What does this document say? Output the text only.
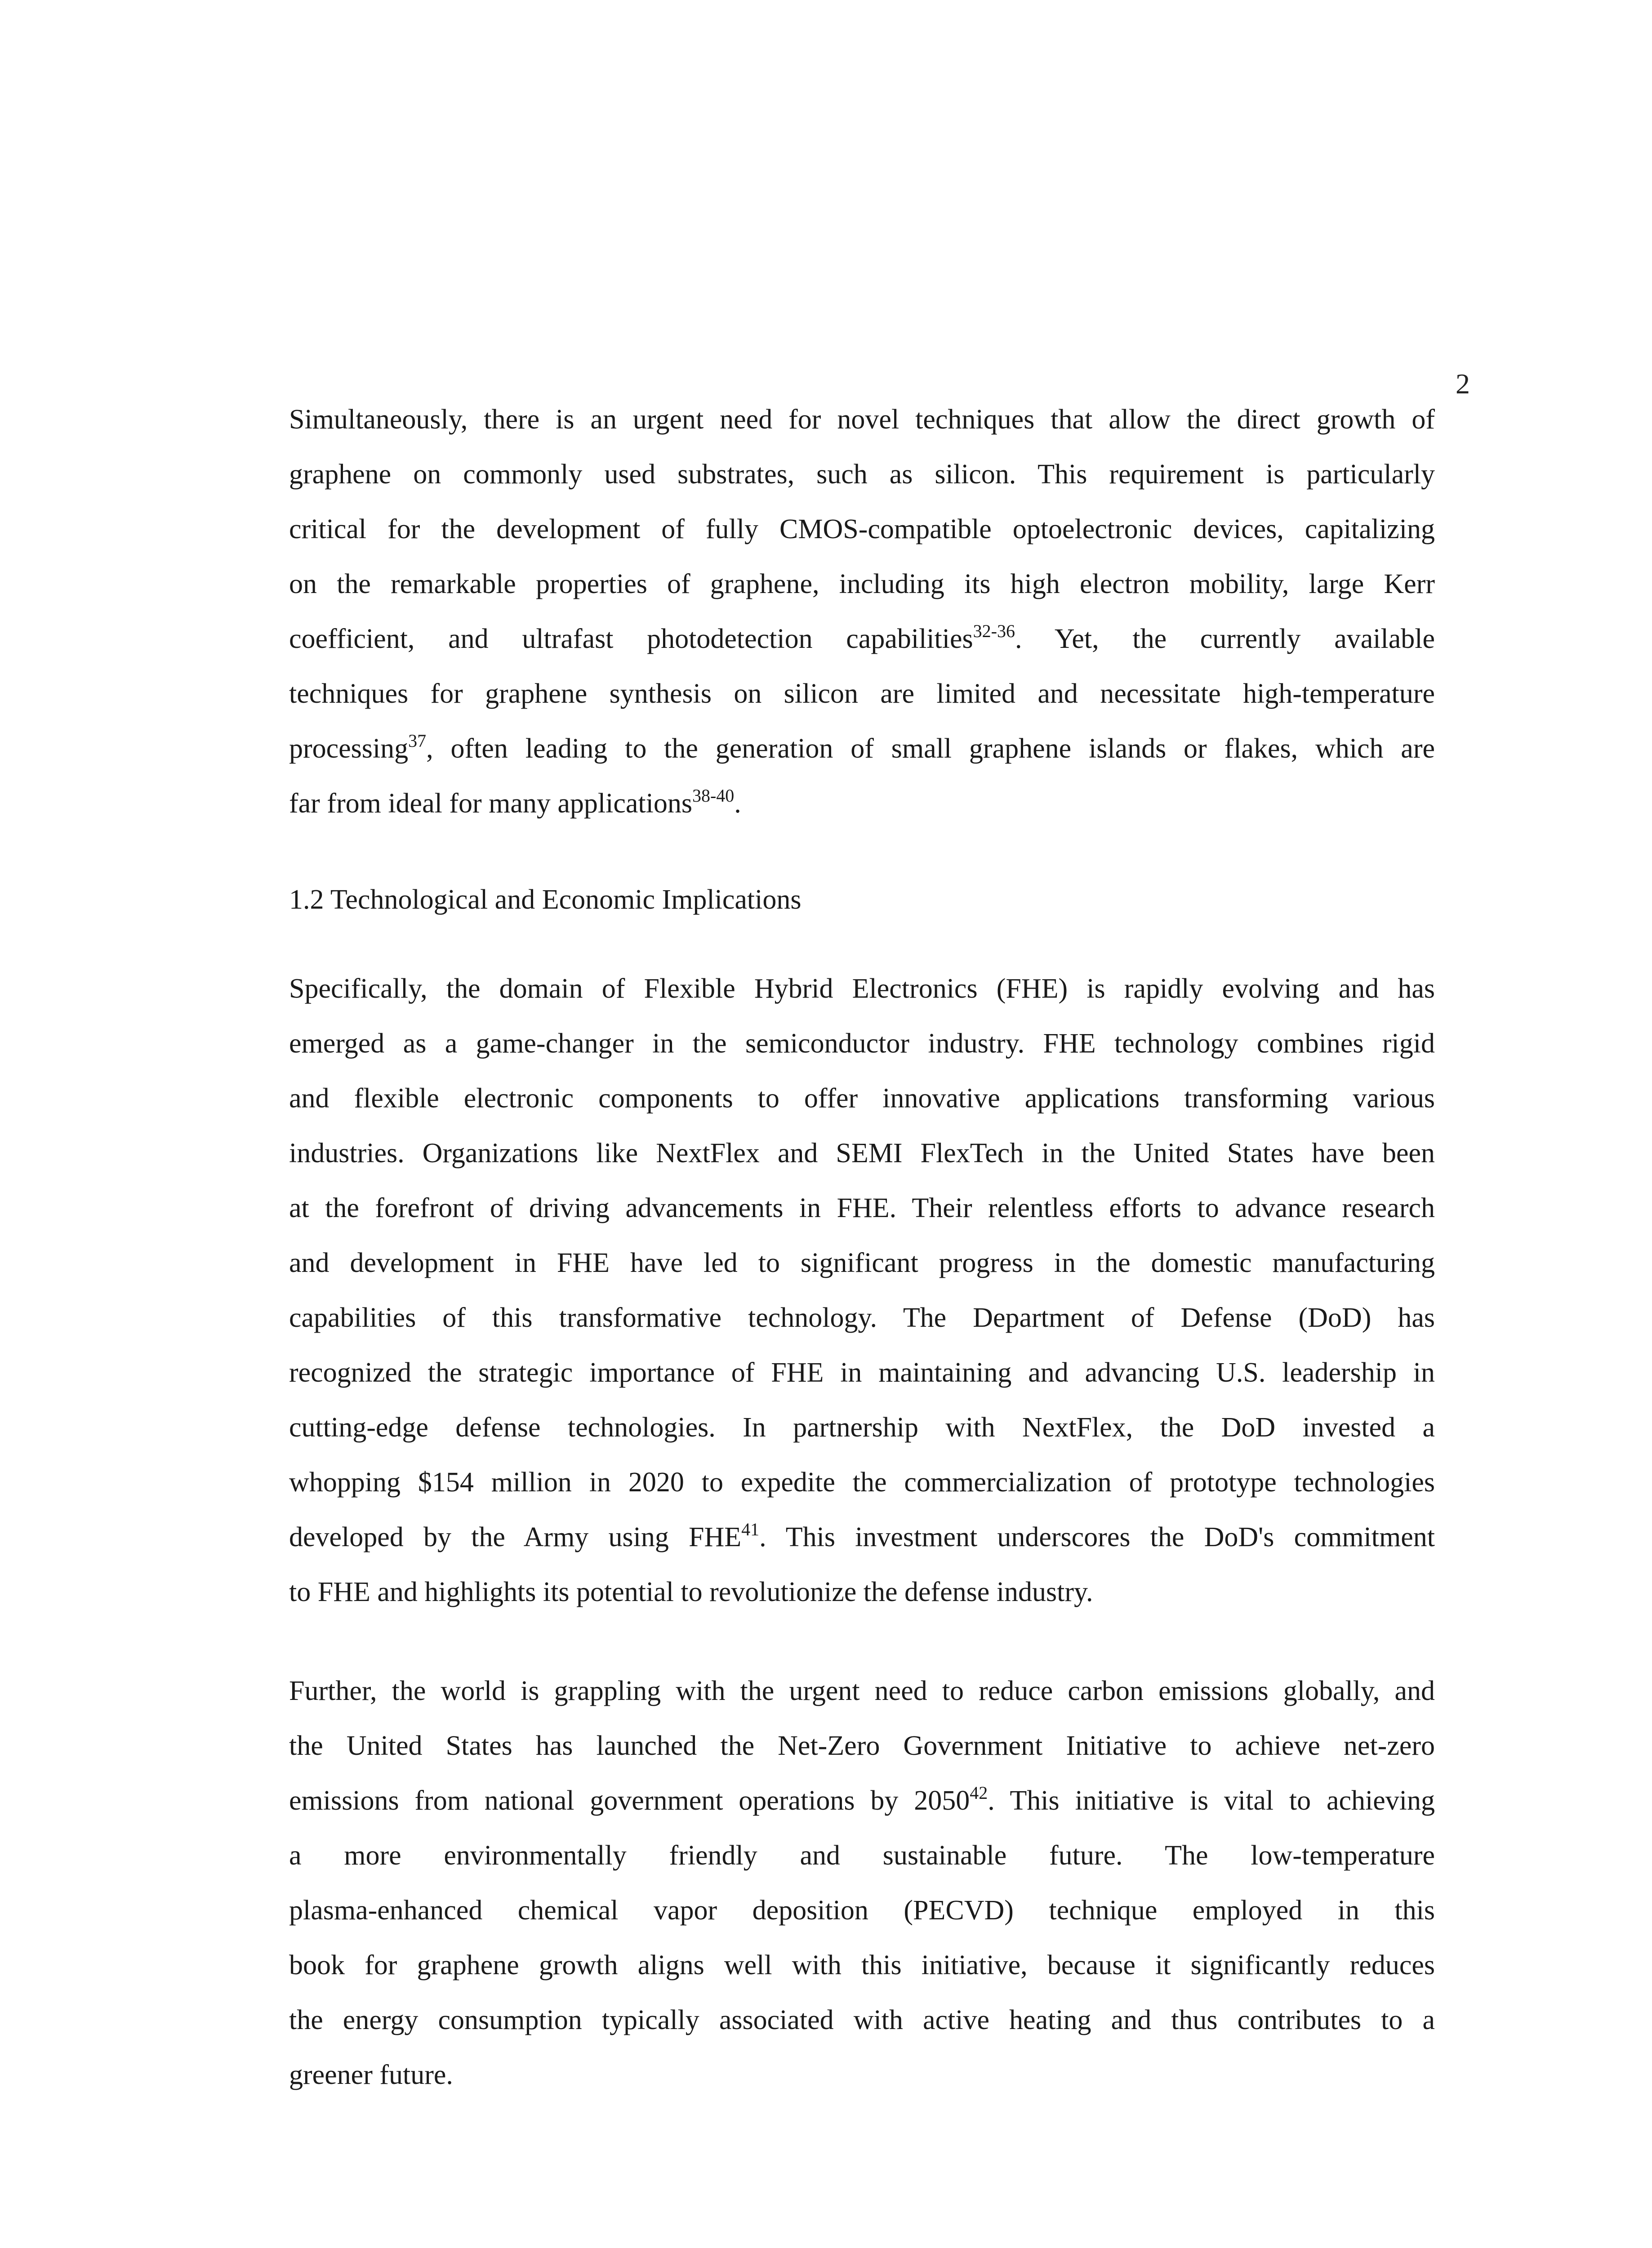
2
Simultaneously, there is an urgent need for novel techniques that allow the direct growth of
graphene on commonly used substrates, such as silicon. This requirement is particularly
critical for the development of fully CMOS-compatible optoelectronic devices, capitalizing
on the remarkable properties of graphene, including its high electron mobility, large Kerr
coefficient, and ultrafast photodetection capabilities$^{32-36}$. Yet, the currently available
techniques for graphene synthesis on silicon are limited and necessitate high-temperature
processing$^{37}$, often leading to the generation of small graphene islands or flakes, which are
far from ideal for many applications$^{38-40}$.
1.2 Technological and Economic Implications
Specifically, the domain of Flexible Hybrid Electronics (FHE) is rapidly evolving and has
emerged as a game-changer in the semiconductor industry. FHE technology combines rigid
and flexible electronic components to offer innovative applications transforming various
industries. Organizations like NextFlex and SEMI FlexTech in the United States have been
at the forefront of driving advancements in FHE. Their relentless efforts to advance research
and development in FHE have led to significant progress in the domestic manufacturing
capabilities of this transformative technology. The Department of Defense (DoD) has
recognized the strategic importance of FHE in maintaining and advancing U.S. leadership in
cutting-edge defense technologies. In partnership with NextFlex, the DoD invested a
whopping $154 million in 2020 to expedite the commercialization of prototype technologies
developed by the Army using FHE$^{41}$. This investment underscores the DoD's commitment
to FHE and highlights its potential to revolutionize the defense industry.
Further, the world is grappling with the urgent need to reduce carbon emissions globally, and
the United States has launched the Net-Zero Government Initiative to achieve net-zero
emissions from national government operations by 2050$^{42}$. This initiative is vital to achieving
a more environmentally friendly and sustainable future. The low-temperature
plasma-enhanced chemical vapor deposition (PECVD) technique employed in this
book for graphene growth aligns well with this initiative, because it significantly reduces
the energy consumption typically associated with active heating and thus contributes to a
greener future.
